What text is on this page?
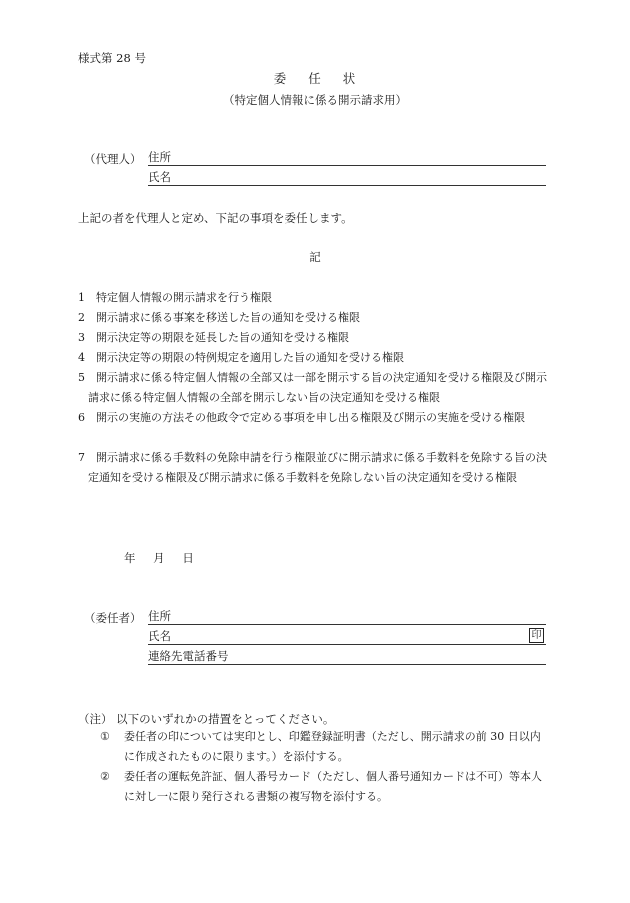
様式第 28 号
委 任 状
（特定個人情報に係る開示請求用）
（代理人） 住所
氏名
上記の者を代理人と定め、下記の事項を委任します。
記
1	特定個人情報の開示請求を行う権限
2	開示請求に係る事案を移送した旨の通知を受ける権限
3	開示決定等の期限を延長した旨の通知を受ける権限
4	開示決定等の期限の特例規定を適用した旨の通知を受ける権限
5	開示請求に係る特定個人情報の全部又は一部を開示する旨の決定通知を受ける権限及び開示請求に係る特定個人情報の全部を開示しない旨の決定通知を受ける権限
6	開示の実施の方法その他政令で定める事項を申し出る権限及び開示の実施を受ける権限
7	開示請求に係る手数料の免除申請を行う権限並びに開示請求に係る手数料を免除する旨の決定通知を受ける権限及び開示請求に係る手数料を免除しない旨の決定通知を受ける権限
年 月 日
（委任者） 住所
氏名	印
連絡先電話番号
（注） 以下のいずれかの措置をとってください。
①	委任者の印については実印とし、印鑑登録証明書（ただし、開示請求の前 30 日以内に作成されたものに限ります。）を添付する。
②	委任者の運転免許証、個人番号カード（ただし、個人番号通知カードは不可）等本人に対し一に限り発行される書類の複写物を添付する。
